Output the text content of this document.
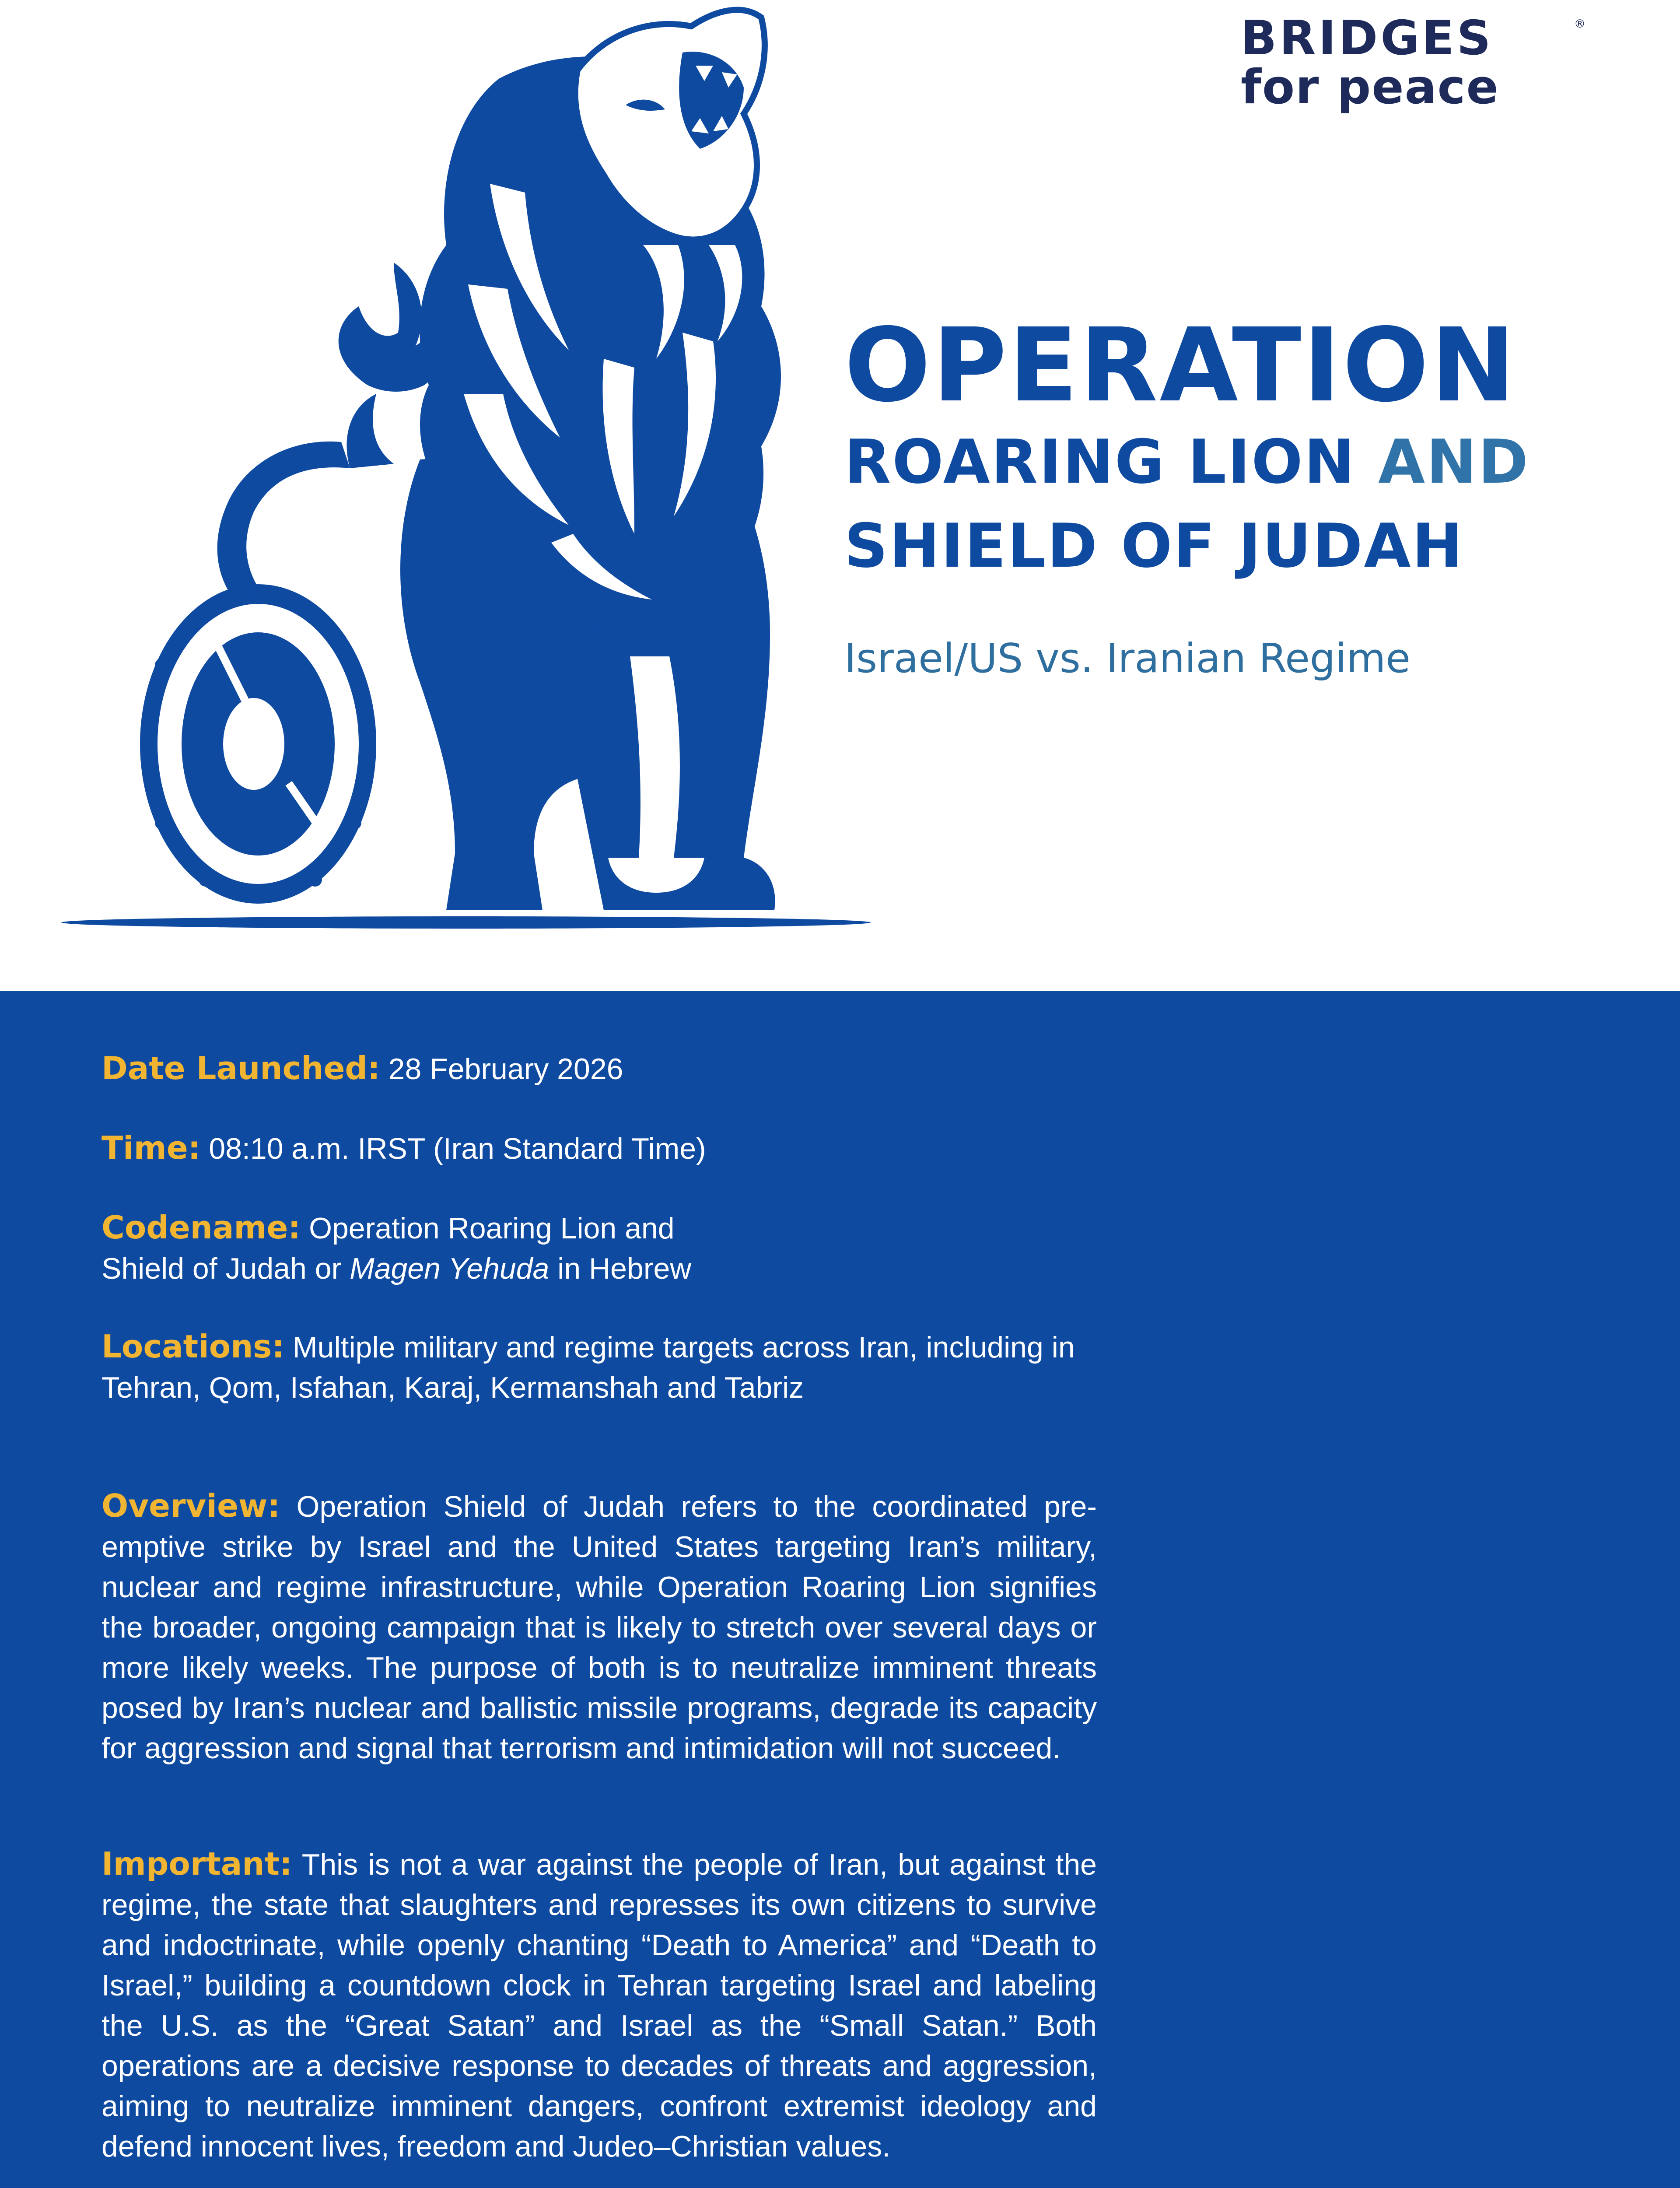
BRIDGES
for peace
®
OPERATION
ROARING LION AND
SHIELD OF JUDAH
Israel/US vs. Iranian Regime
Date Launched: 28 February 2026
Time: 08:10 a.m. IRST (Iran Standard Time)
Codename: Operation Roaring Lion and
Shield of Judah or Magen Yehuda in Hebrew
Locations: Multiple military and regime targets across Iran, including in Tehran, Qom, Isfahan, Karaj, Kermanshah and Tabriz
Overview: Operation Shield of Judah refers to the coordinated pre-emptive strike by Israel and the United States targeting Iran’s military, nuclear and regime infrastructure, while Operation Roaring Lion signifies the broader, ongoing campaign that is likely to stretch over several days or more likely weeks. The purpose of both is to neutralize imminent threats posed by Iran’s nuclear and ballistic missile programs, degrade its capacity for aggression and signal that terrorism and intimidation will not succeed.
Important: This is not a war against the people of Iran, but against the regime, the state that slaughters and represses its own citizens to survive and indoctrinate, while openly chanting “Death to America” and “Death to Israel,” building a countdown clock in Tehran targeting Israel and labeling the U.S. as the “Great Satan” and Israel as the “Small Satan.” Both operations are a decisive response to decades of threats and aggression, aiming to neutralize imminent dangers, confront extremist ideology and defend innocent lives, freedom and Judeo–Christian values.
